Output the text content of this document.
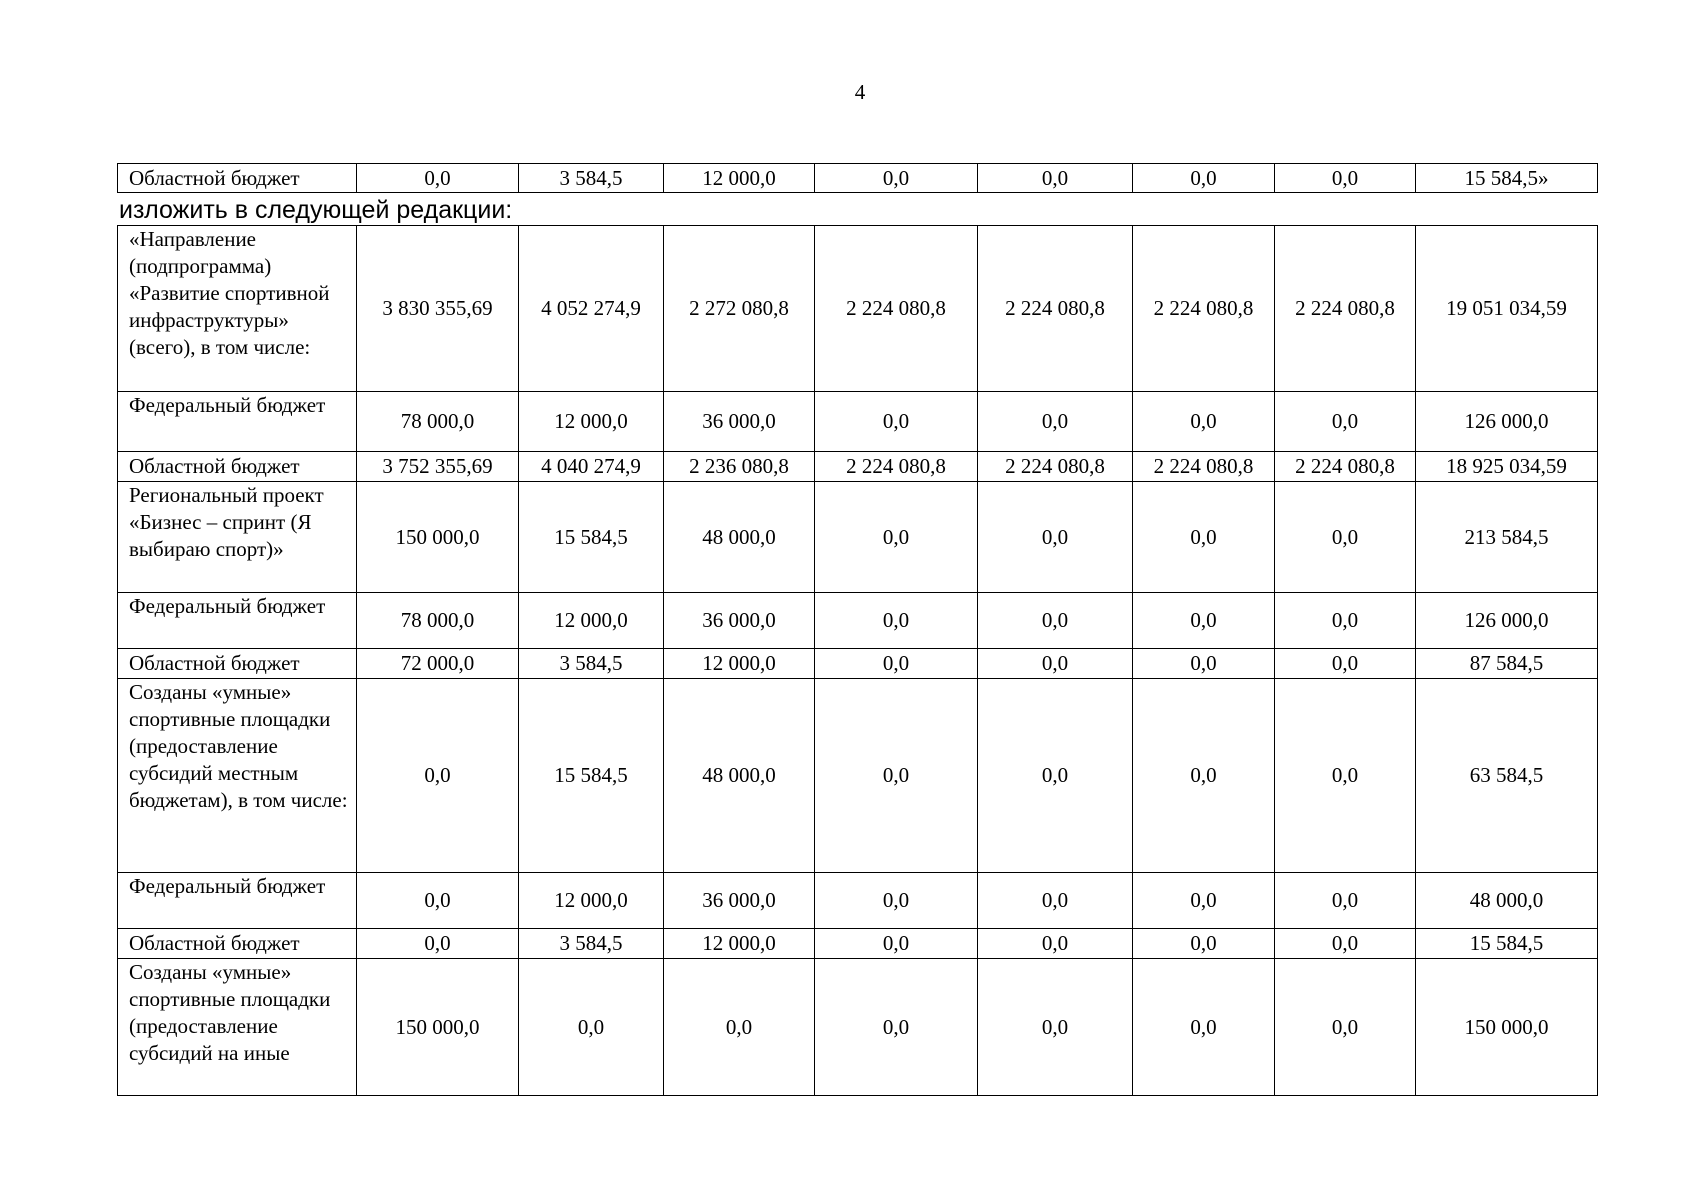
4
Областной бюджет	0,0	3 584,5	12 000,0	0,0	0,0	0,0	0,0	15 584,5»
изложить в следующей редакции:
«Направление (подпрограмма) «Развитие спортивной инфраструктуры» (всего), в том числе:	3 830 355,69	4 052 274,9	2 272 080,8	2 224 080,8	2 224 080,8	2 224 080,8	2 224 080,8	19 051 034,59
Федеральный бюджет	78 000,0	12 000,0	36 000,0	0,0	0,0	0,0	0,0	126 000,0
Областной бюджет	3 752 355,69	4 040 274,9	2 236 080,8	2 224 080,8	2 224 080,8	2 224 080,8	2 224 080,8	18 925 034,59
Региональный проект «Бизнес – спринт (Я выбираю спорт)»	150 000,0	15 584,5	48 000,0	0,0	0,0	0,0	0,0	213 584,5
Федеральный бюджет	78 000,0	12 000,0	36 000,0	0,0	0,0	0,0	0,0	126 000,0
Областной бюджет	72 000,0	3 584,5	12 000,0	0,0	0,0	0,0	0,0	87 584,5
Созданы «умные» спортивные площадки (предоставление субсидий местным бюджетам), в том числе:	0,0	15 584,5	48 000,0	0,0	0,0	0,0	0,0	63 584,5
Федеральный бюджет	0,0	12 000,0	36 000,0	0,0	0,0	0,0	0,0	48 000,0
Областной бюджет	0,0	3 584,5	12 000,0	0,0	0,0	0,0	0,0	15 584,5
Созданы «умные» спортивные площадки (предоставление субсидий на иные	150 000,0	0,0	0,0	0,0	0,0	0,0	0,0	150 000,0
